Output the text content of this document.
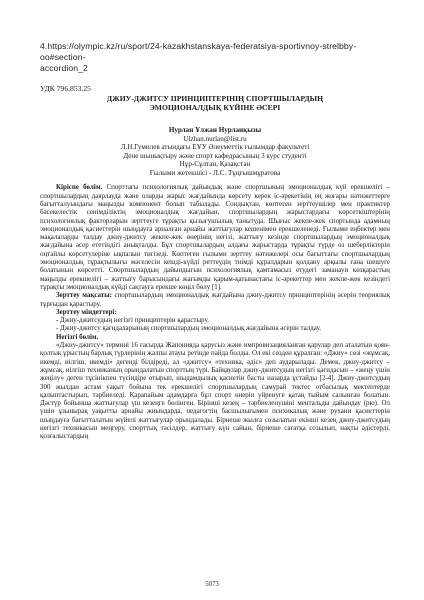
4.https://olympic.kz/ru/sport/24-kazakhstanskaya-federatsiya-sportivnoy-strelbby-oo#section-
accordion_2
УДК 796.853.25
ДЖИУ-ДЖИТСУ ПРИНЦИПТЕРІНІҢ СПОРТШЫЛАРДЫҢ
ЭМОЦИОНАЛДЫҚ КҮЙІНЕ ӘСЕРІ
Нурлан Ұлжан Нурланқызы
Ulzhan.nurlan@list.ru
Л.Н.Гумилев атындағы ЕҰУ Әлеуметтік ғылымдар факультеті
Дене шынықтыру және спорт кафедрасының 3 курс студенті
Нұр-Сұлтан, Қазақстан
Ғылыми жетекшісі - Л.С. Тұңғышмұратова

Кіріспе бөлім. Спорттағы психологиялық дайындық және спортшының эмоционалдық күй ерекшелігі – спортшылардың даярлауда және оларды жарыс жағдайында көрсету керек іс-әрекетінің ең жоғары нәтижеттерге бағытталуындағы маңызды компонент болып табылады. Сондықтан, көптеген зерттеушілер мен практиктер бәсекелестік сенімділіктің эмоционалдық жағдайын, спортшылардың жарыстардағы көрсеткіштерінің психологиялық факторларын зерттеуге тұрақты қызығушылық танытуда. Шығыс жекпе-жек спортында адамның эмоционалдық қасиеттерін шыңдауға арналған арнайы жаттығулар кешенімен ерекшеленеді. Ғылыми еңбектер мен мақалаларды талдау джиу-джитсу жекпе-жек өнерінің негізі, жаттығу кезінде спортшылардың эмоционалдық жағдайына әсер ететіндігі анықталды. Бұл спортшылардың алдағы жарыстарда тұрақты түрде өз шеберліктерін оңтайлы көрсетулеріне ықпалын тигізеді. Көптеген ғылыми зерттеу нәтижелері осы бағыттағы спортшылардың эмоционалдық тұрақтылығы мәселесін кешді-күйді реттеудің тиімді құралдарын қолдану арқылы ғана шешуге болатынын көрсетті. Спортшылардың дайындығын психологиялық қамтамасыз етудегі заманауи көзқарастың маңызды ерекшелігі – жаттығу барысындағы жағымды қарым-қатынастағы іс-әрекеттер мен жекпе-жек кезіндегі тұрақты эмоционалдық күйді сақтауға ерекше көңіл бөлу [1].

Зерттеу мақсаты: спортшылардың эмоционалдық жағдайына джиу-джитсу принциптерінің әсерін теориялық тұрғыдан қарастыру.

Зерттеу міндеттері:

- Джиу-джитсудың негізгі принциптерін қарастыру.

- Джиу-джитсу қағидаларының спортшылардың эмоционалдық жағдайына әсерін талдау.

Негізгі бөлім.

«Джиу-джитсу» термині 16 ғасырда Жапонияда қарусыз және импровизацияланған қарулар деп аталатын қоян-қолтық ұрыстың барлық түрлерінің жалпы атауы ретінде пайда болды. Ол екі сөзден құралған: «Джиу» сөзі «жұмсақ, икемді, иілгіш, икемді» дегенді білдіреді, ал «джитсу» «техника, әдіс» деп аударылады. Демек, джиу-джитсу – жұмсақ, иілгіш техниканың орындалатын спорттың түрі. Байқаулар джиу-джитсудың негізгі қағидасын – «жеңу үшін жеңілу» деген тұсінікпен түсіндіре отырып, шыдамдылық қасиетін басты назарда ұстайды [2-4]. Джиу-джитсудың 300 жылдан астам уақыт бойына тек ерекшелігі спортшылардың самурай тектес отбасылық мектептерде қалыптастырып, тәрбиеледі. Қарапайым адамдарға бұл спорт өнерін үйренуге қатаң тыйым салынған болатын. Дәстүр бойынша жаттығулар үш кезеңге бөлінген. Бірінші кезең – тәрбиеленушіні ментальды дайындау (рю). Ол үшін ұзынырақ уақытты арнайы жиындарда, педагогтің басшылығымен психикалық және рухани қасиеттерін шыңдауға бағытталатын жүйелі жаттығулар орындалады. Бірнеше жылға созылатын екінші кезең джиу-джитсудың негізгі техникасын меңгеру, спорттық тәсілдер, жаттығу күн сайын, бірнеше сағатқа созылып, нақты әдістерді, қозғалыстардың

5073
